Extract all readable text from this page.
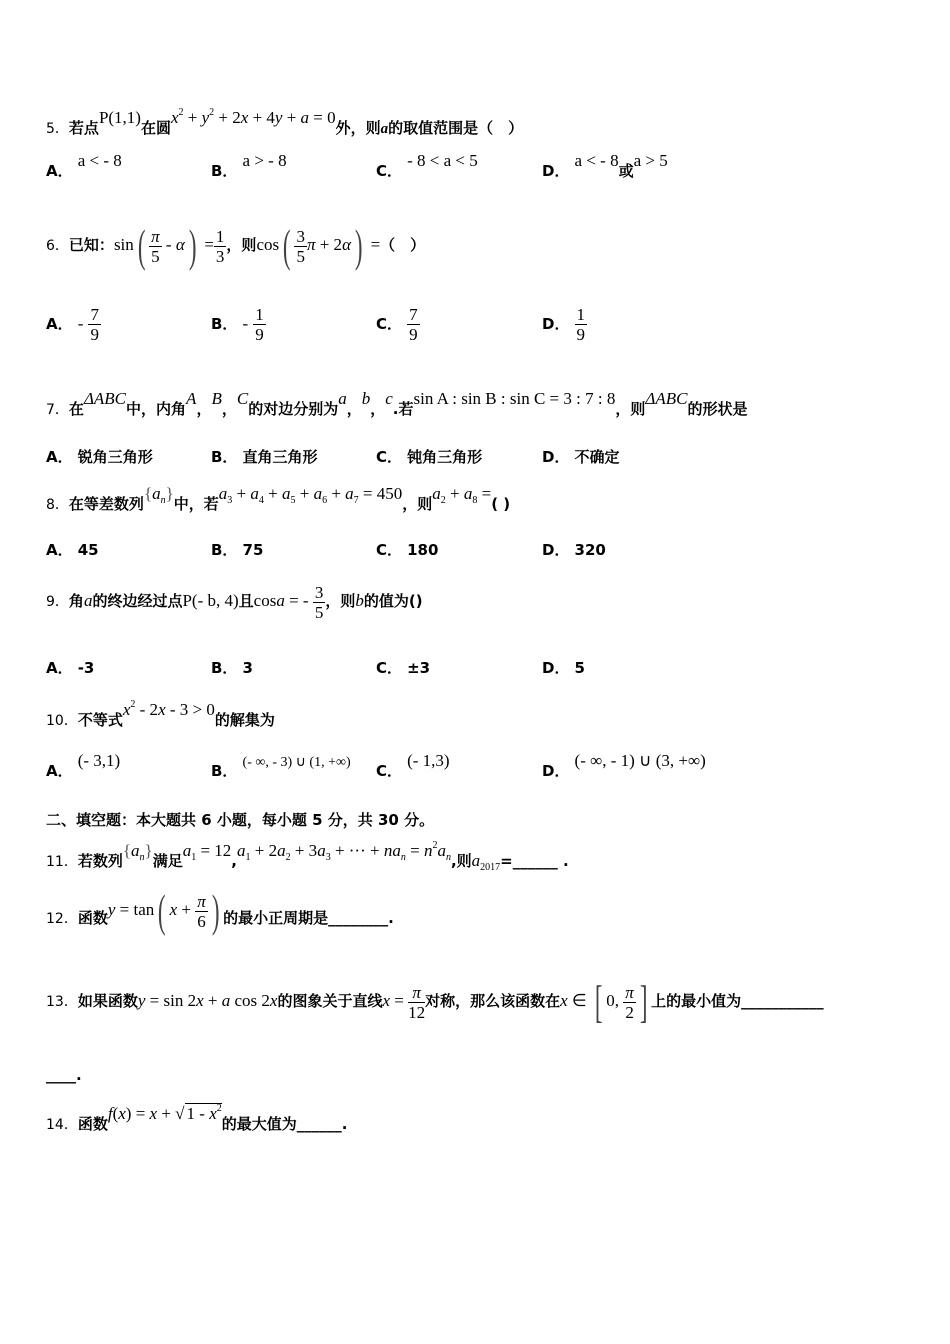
5．若点P(1,1)在圆$x^2 + y^2 + 2x + 4y + a = 0$外，则a的取值范围是（　）
A． a < - 8
B． a > - 8
C． - 8 < a < 5
D． a < - 8或a > 5
6．已知：$\sin( \frac{\pi}{5} - \alpha) = \frac{1}{3}$ ，则$\cos( \frac{3}{5}$ π + 2α) =（　）
A． - $\frac{7}{9}$	B． - $\frac{1}{9}$	C． $\frac{7}{9}$	D． $\frac{1}{9}$
7．在ΔABC中，内角A，B，C的对边分别为a，b，c.若sin A : sin B : sin C = 3 : 7 : 8，则ΔABC的形状是
A． 锐角三角形	B． 直角三角形	C． 钝角三角形	D． 不确定
8．在等差数列$\{a_n\}$中，若$a_3 + a_4 + a_5 + a_6 + a_7 = 450$，则$a_2 + a_8$ =( )
A． 45	B． 75	C． 180	D． 320
9．角a的终边经过点P(- b, 4)且cosa = - $\frac{3}{5}$ ，则b的值为()
A． -3	B． 3	C． ±3	D． 5
10．不等式$x^2 - 2x - 3 > 0$的解集为
A． (- 3,1)
B． (- ∞, - 3) ∪ (1, +∞) C． (- 1,3)
D． (- ∞, - 1) ∪ (3, +∞)
二、填空题：本大题共 6 小题，每小题 5 分，共 30 分。
11．若数列$\{a_n\}$满足$a_1 = 12,a_1 + 2a_2 + 3a_3$ + ··· + $na_n = n^2a_n$,则$a_{2017}=\_\_\_\_\_\_$ .
12．函数y = tan( $x + \frac{\pi}{6}$ ) 的最小正周期是________.
13．如果函数y = sin 2x + a cos 2x的图象关于直线$x = \frac{\pi}{12}$ 对称，那么该函数在x ∈ [ 0, $\frac{\pi}{2}$ ] 上的最小值为___________
____.
14．函数f(x) = x + √ $1 - x^2$的最大值为______.
